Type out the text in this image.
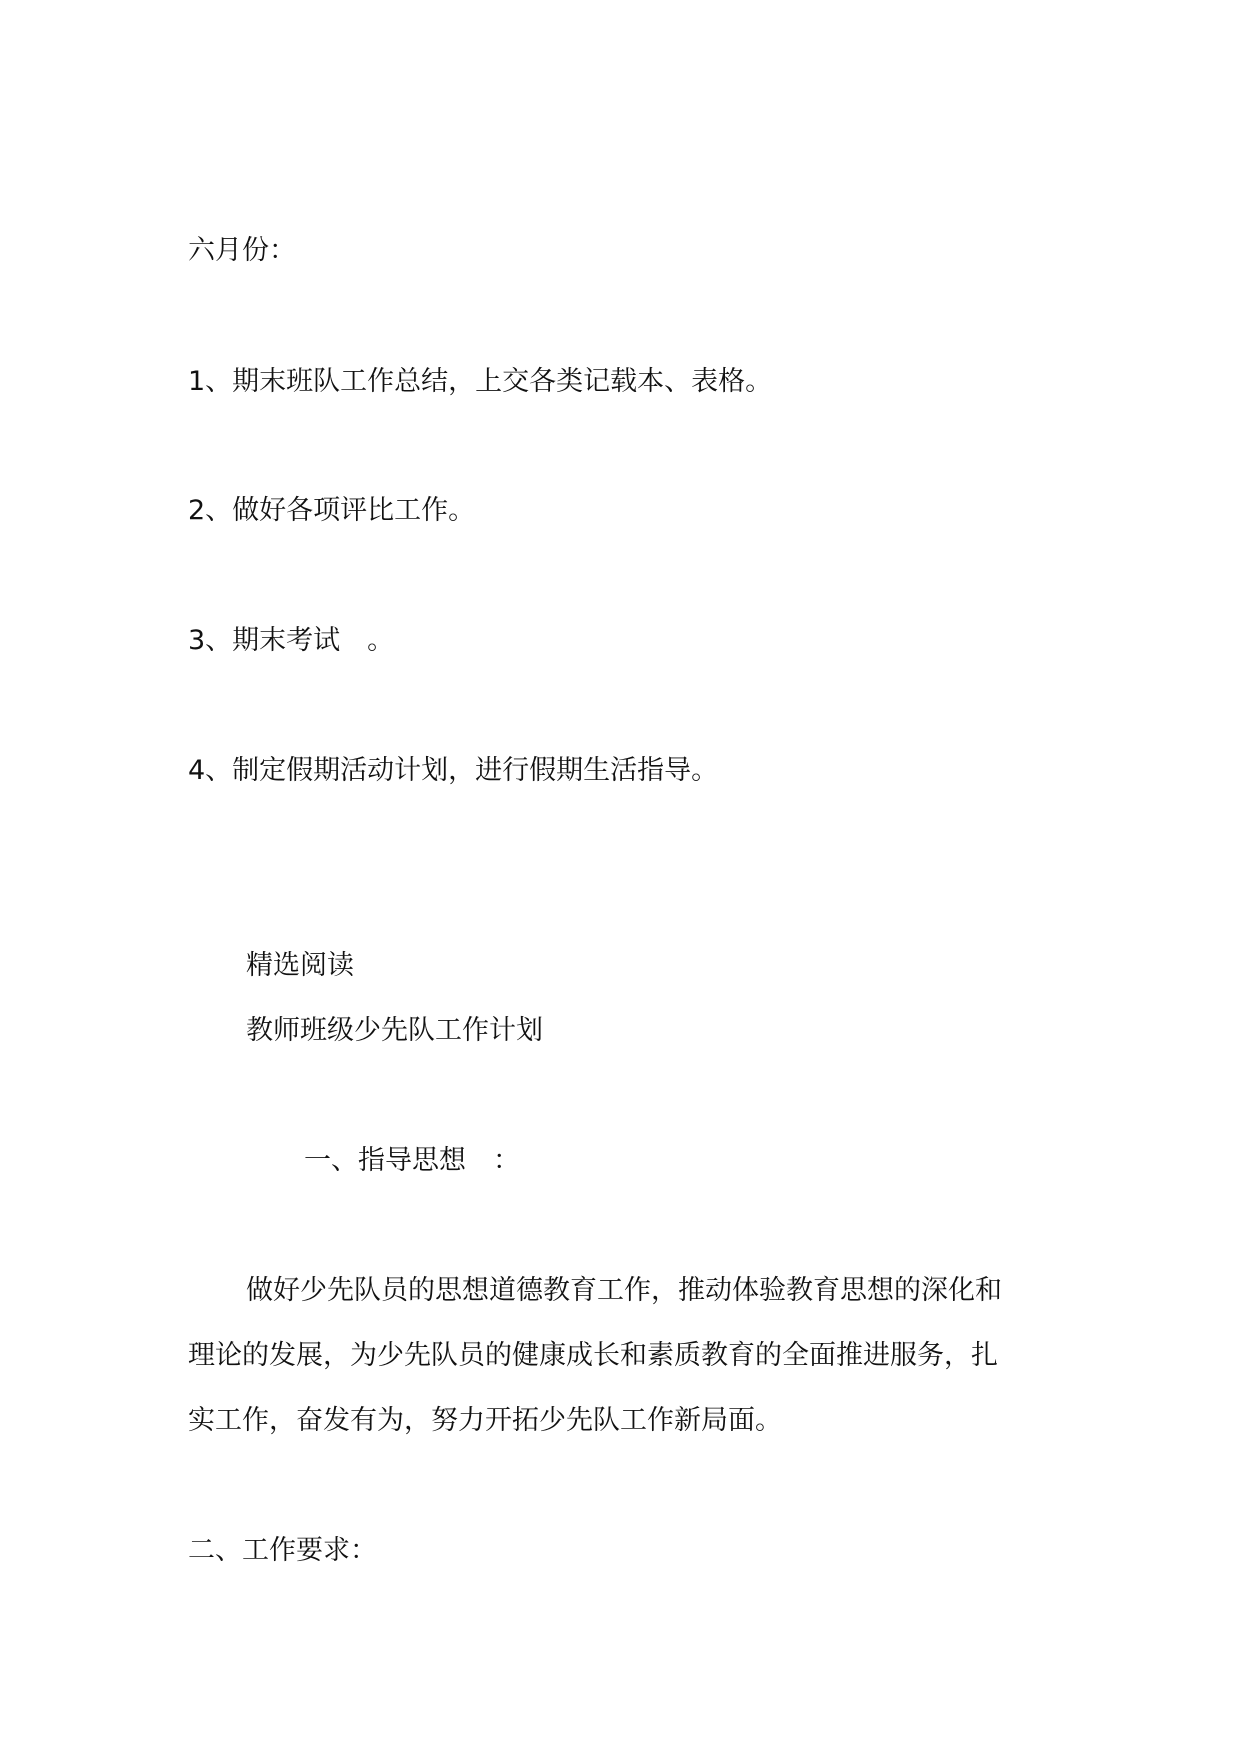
六月份：

1、期末班队工作总结，上交各类记载本、表格。

2、做好各项评比工作。

3、期末考试　。

4、制定假期活动计划，进行假期生活指导。

精选阅读

教师班级少先队工作计划

一、指导思想　：

做好少先队员的思想道德教育工作，推动体验教育思想的深化和

理论的发展，为少先队员的健康成长和素质教育的全面推进服务，扎

实工作，奋发有为，努力开拓少先队工作新局面。

二、工作要求：
